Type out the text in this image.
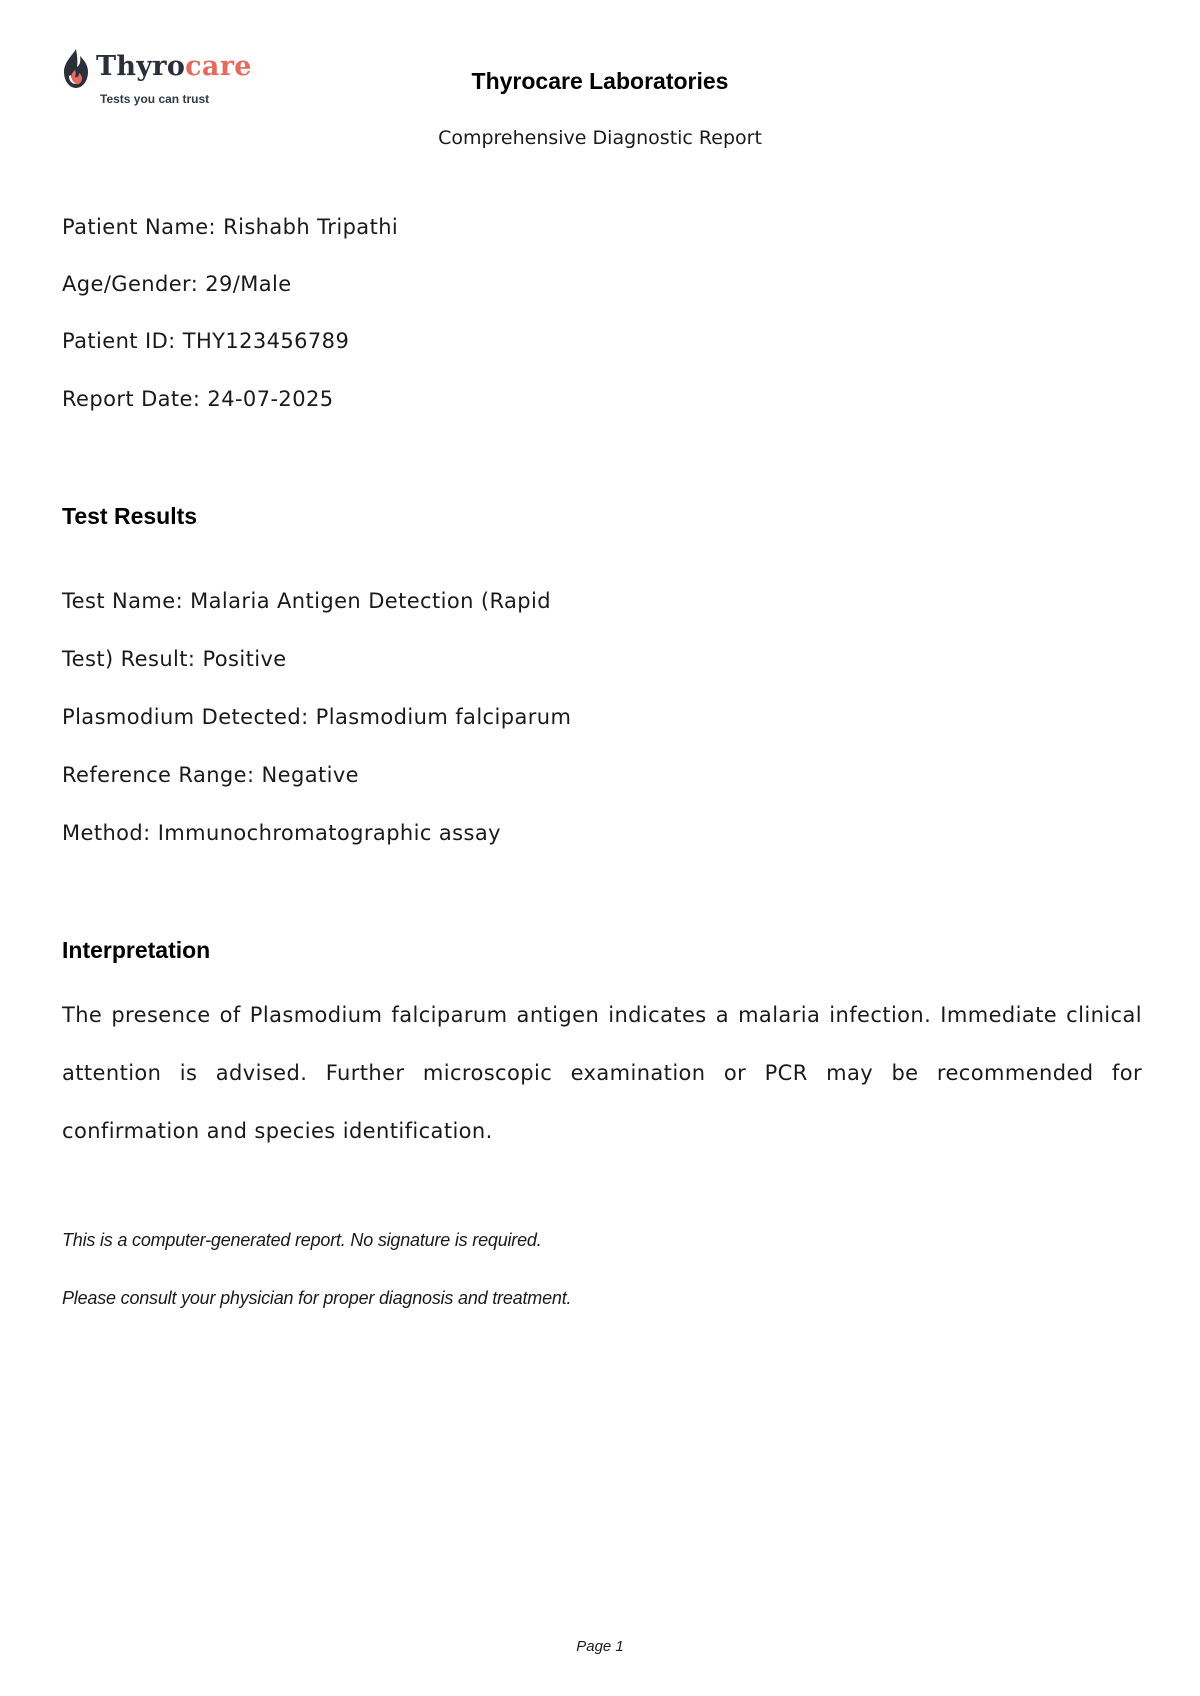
Thyrocare
Tests you can trust
Thyrocare Laboratories
Comprehensive Diagnostic Report
Patient Name: Rishabh Tripathi
Age/Gender: 29/Male
Patient ID: THY123456789
Report Date: 24-07-2025
Test Results
Test Name: Malaria Antigen Detection (Rapid
Test) Result: Positive
Plasmodium Detected: Plasmodium falciparum
Reference Range: Negative
Method: Immunochromatographic assay
Interpretation
The presence of Plasmodium falciparum antigen indicates a malaria infection. Immediate clinical attention is advised. Further microscopic examination or PCR may be recommended for confirmation and species identification.
This is a computer-generated report. No signature is required.
Please consult your physician for proper diagnosis and treatment.
Page 1
